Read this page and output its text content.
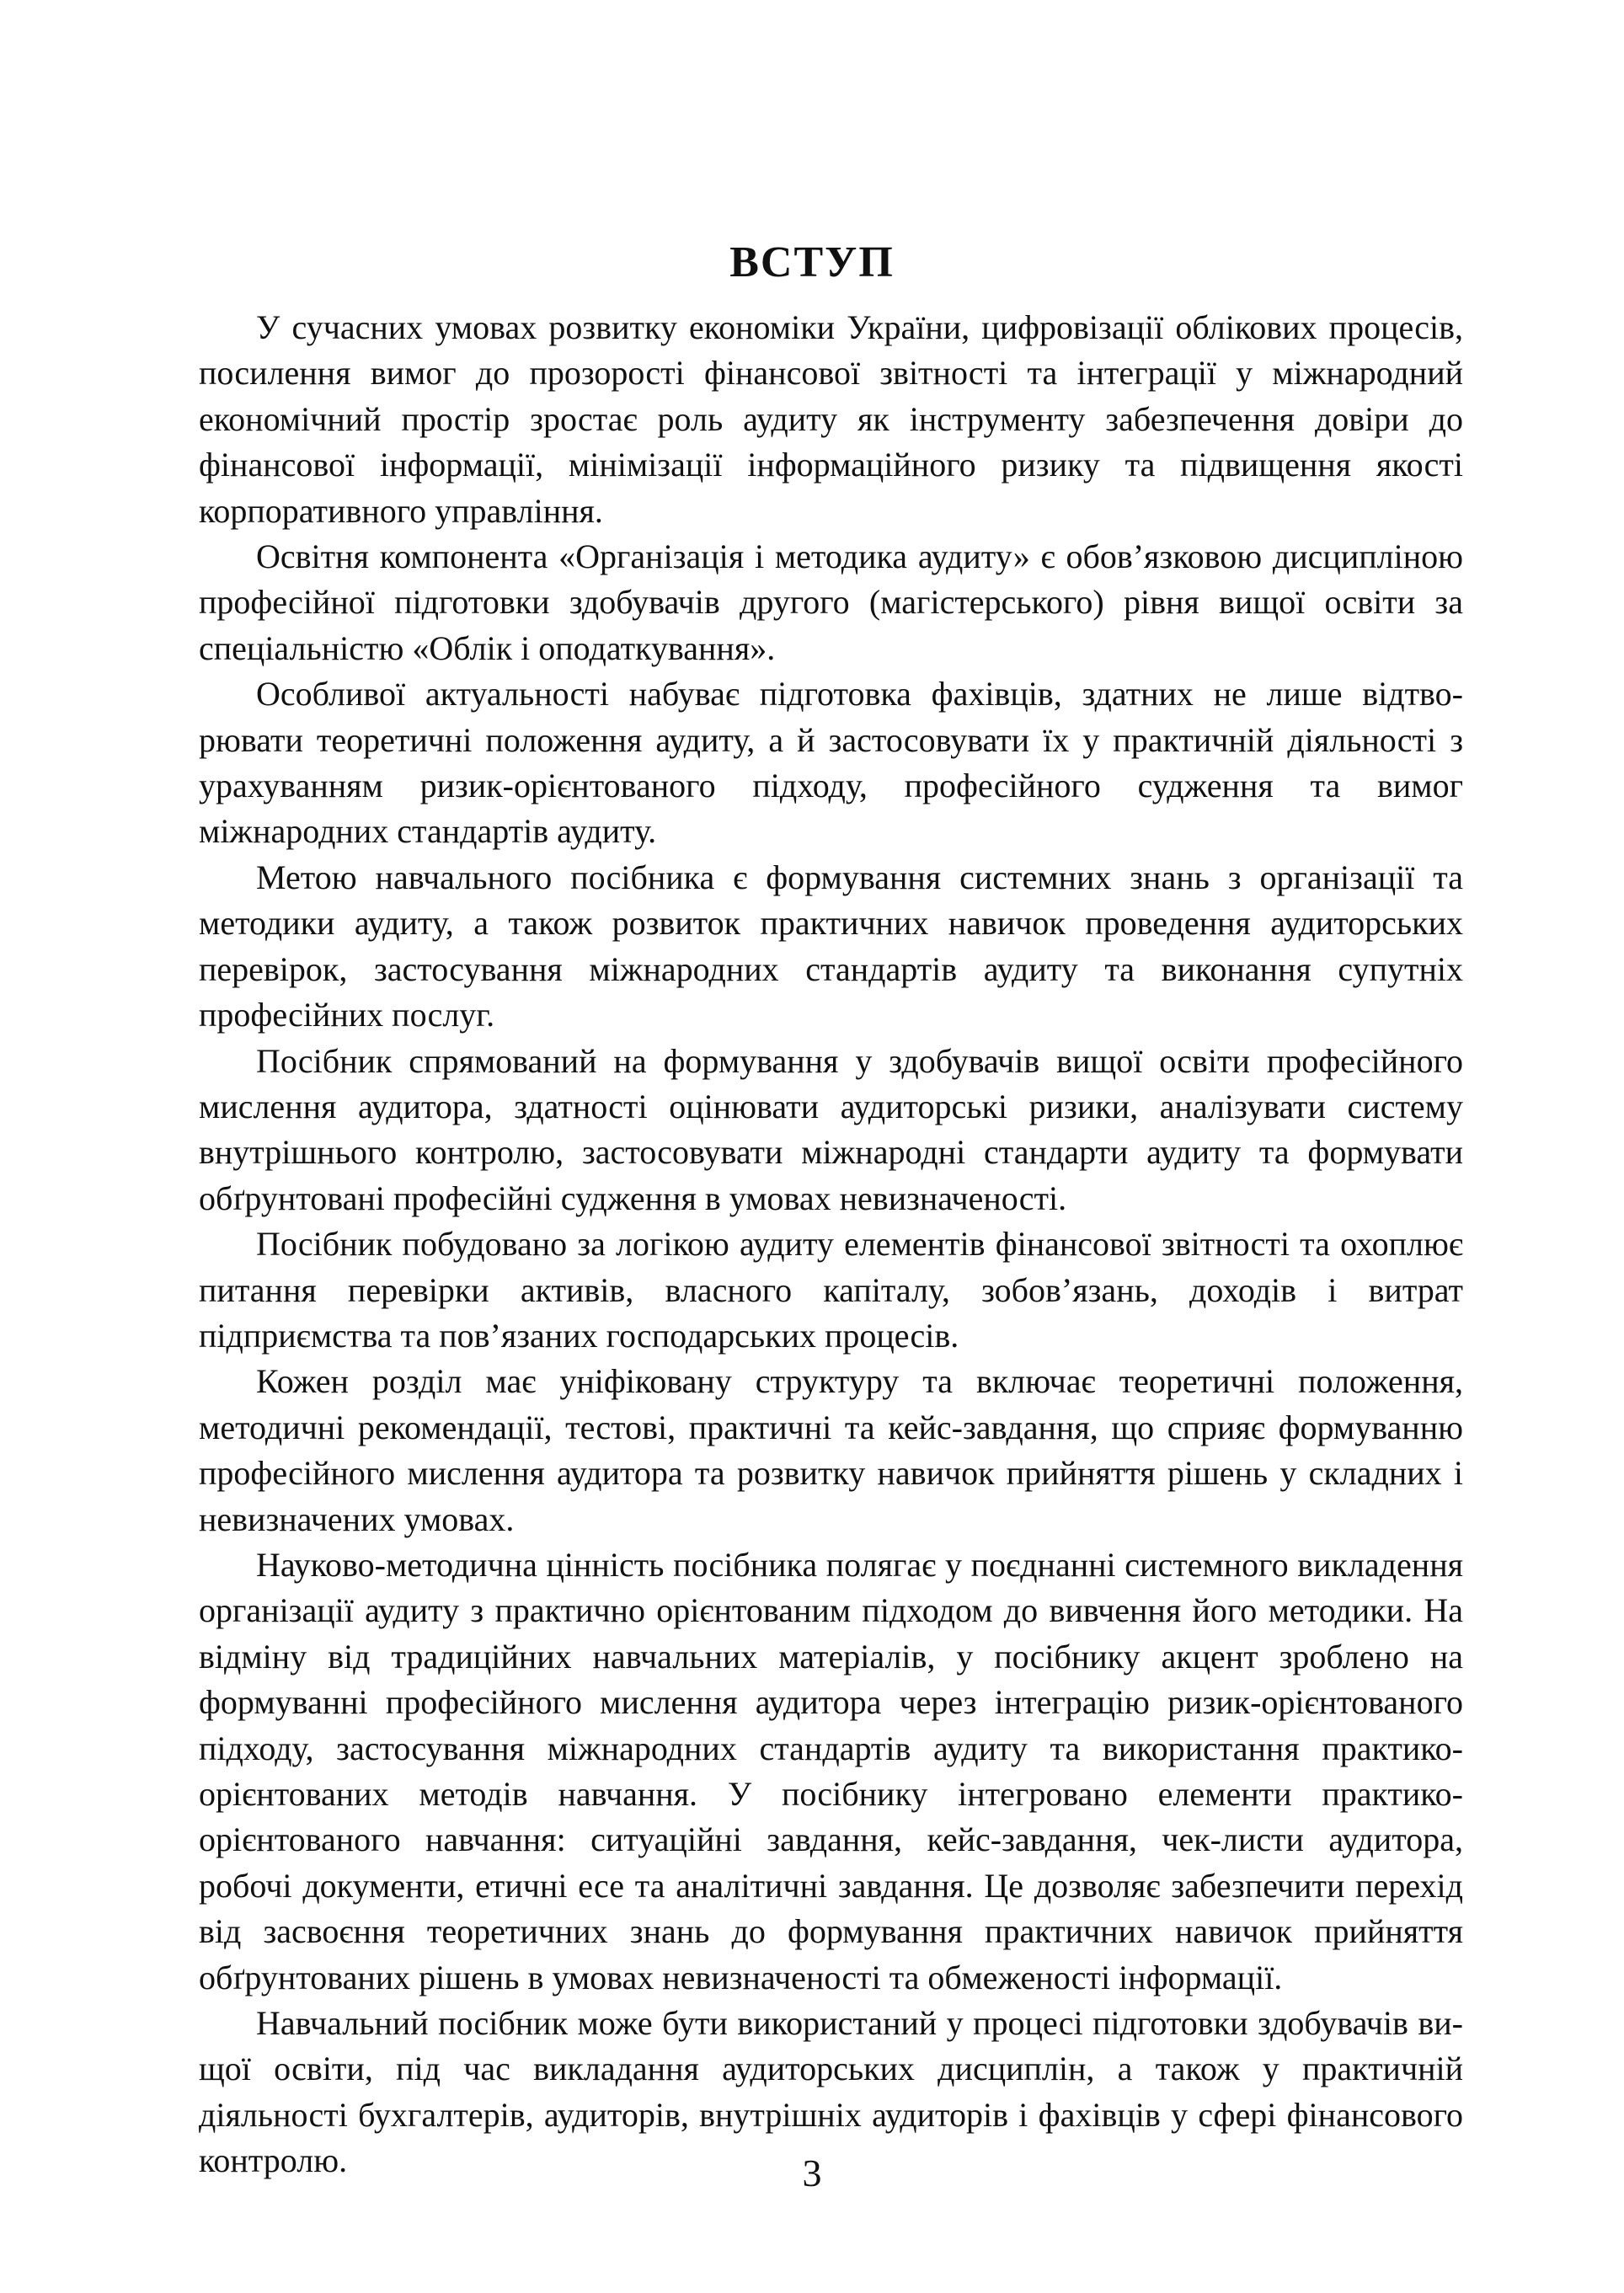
ВСТУП

У сучасних умовах розвитку економіки України, цифровізації облікових процесів, посилення вимог до прозорості фінансової звітності та інтеграції у міжнародний економічний простір зростає роль аудиту як інструменту забезпечення довіри до фінансової інформації, мінімізації інформаційного ризику та підвищення якості корпоративного управління.

Освітня компонента «Організація і методика аудиту» є обов’язковою дисципліною професійної підготовки здобувачів другого (магістерського) рівня вищої освіти за спеціальністю «Облік і оподаткування».

Особливої актуальності набуває підготовка фахівців, здатних не лише відтворювати теоретичні положення аудиту, а й застосовувати їх у практичній діяльності з урахуванням ризик-орієнтованого підходу, професійного судження та вимог міжнародних стандартів аудиту.

Метою навчального посібника є формування системних знань з організації та методики аудиту, а також розвиток практичних навичок проведення аудиторських перевірок, застосування міжнародних стандартів аудиту та виконання супутніх професійних послуг.

Посібник спрямований на формування у здобувачів вищої освіти професійного мислення аудитора, здатності оцінювати аудиторські ризики, аналізувати систему внутрішнього контролю, застосовувати міжнародні стандарти аудиту та формувати обґрунтовані професійні судження в умовах невизначеності.

Посібник побудовано за логікою аудиту елементів фінансової звітності та охоплює питання перевірки активів, власного капіталу, зобов’язань, доходів і витрат підприємства та пов’язаних господарських процесів.

Кожен розділ має уніфіковану структуру та включає теоретичні положення, методичні рекомендації, тестові, практичні та кейс-завдання, що сприяє формуванню професійного мислення аудитора та розвитку навичок прийняття рішень у складних і невизначених умовах.

Науково-методична цінність посібника полягає у поєднанні системного викладення організації аудиту з практично орієнтованим підходом до вивчення його методики. На відміну від традиційних навчальних матеріалів, у посібнику акцент зроблено на формуванні професійного мислення аудитора через інтеграцію ризик-орієнтованого підходу, застосування міжнародних стандартів аудиту та використання практико-орієнтованих методів навчання. У посібнику інтегровано елементи практико-орієнтованого навчання: ситуаційні завдання, кейс-завдання, чек-листи аудитора, робочі документи, етичні есе та аналітичні завдання. Це дозволяє забезпечити перехід від засвоєння теоретичних знань до формування практичних навичок прийняття обґрунтованих рішень в умовах невизначеності та обмеженості інформації.

Навчальний посібник може бути використаний у процесі підготовки здобувачів вищої освіти, під час викладання аудиторських дисциплін, а також у практичній діяльності бухгалтерів, аудиторів, внутрішніх аудиторів і фахівців у сфері фінансового контролю.	3
